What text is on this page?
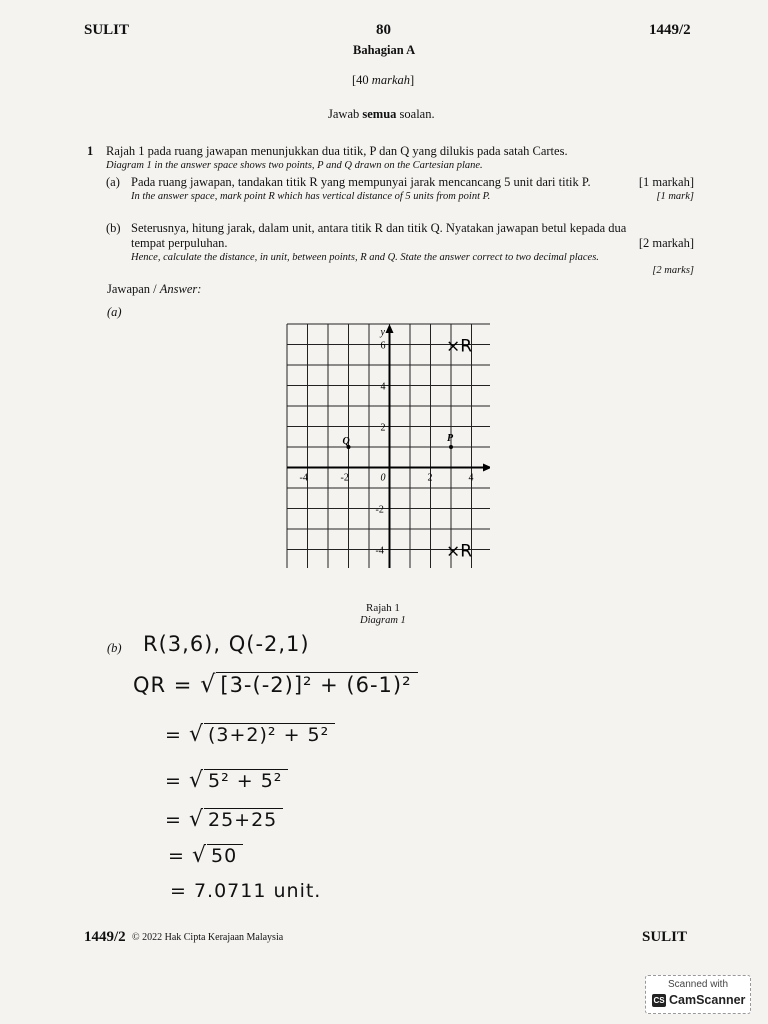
SULIT	80	1449/2
Bahagian A
[40 markah]
Jawab semua soalan.
1 Rajah 1 pada ruang jawapan menunjukkan dua titik, P dan Q yang dilukis pada satah Cartes.
Diagram 1 in the answer space shows two points, P and Q drawn on the Cartesian plane.
(a) Pada ruang jawapan, tandakan titik R yang mempunyai jarak mencancang 5 unit dari titik P.	[1 markah]
In the answer space, mark point R which has vertical distance of 5 units from point P.	[1 mark]
(b) Seterusnya, hitung jarak, dalam unit, antara titik R dan titik Q. Nyatakan jawapan betul kepada dua
tempat perpuluhan.	[2 markah]
Hence, calculate the distance, in unit, between points, R and Q. State the answer correct to two decimal places.
[2 marks]
Jawapan / Answer:
(a)
y
-4	-2	0	2	4
6
4
2
-2
-4
P
Q
×R
×R
Rajah 1
Diagram 1
(b) R(3,6), Q(-2,1)
QR = √ [3-(-2)]² + (6-1)²
= √ (3+2)² + 5²
= √ 5² + 5²
= √ 25+25
= √ 50
= 7.0711 unit.
1449/2 © 2022 Hak Cipta Kerajaan Malaysia	SULIT
Scanned with
CS CamScanner
